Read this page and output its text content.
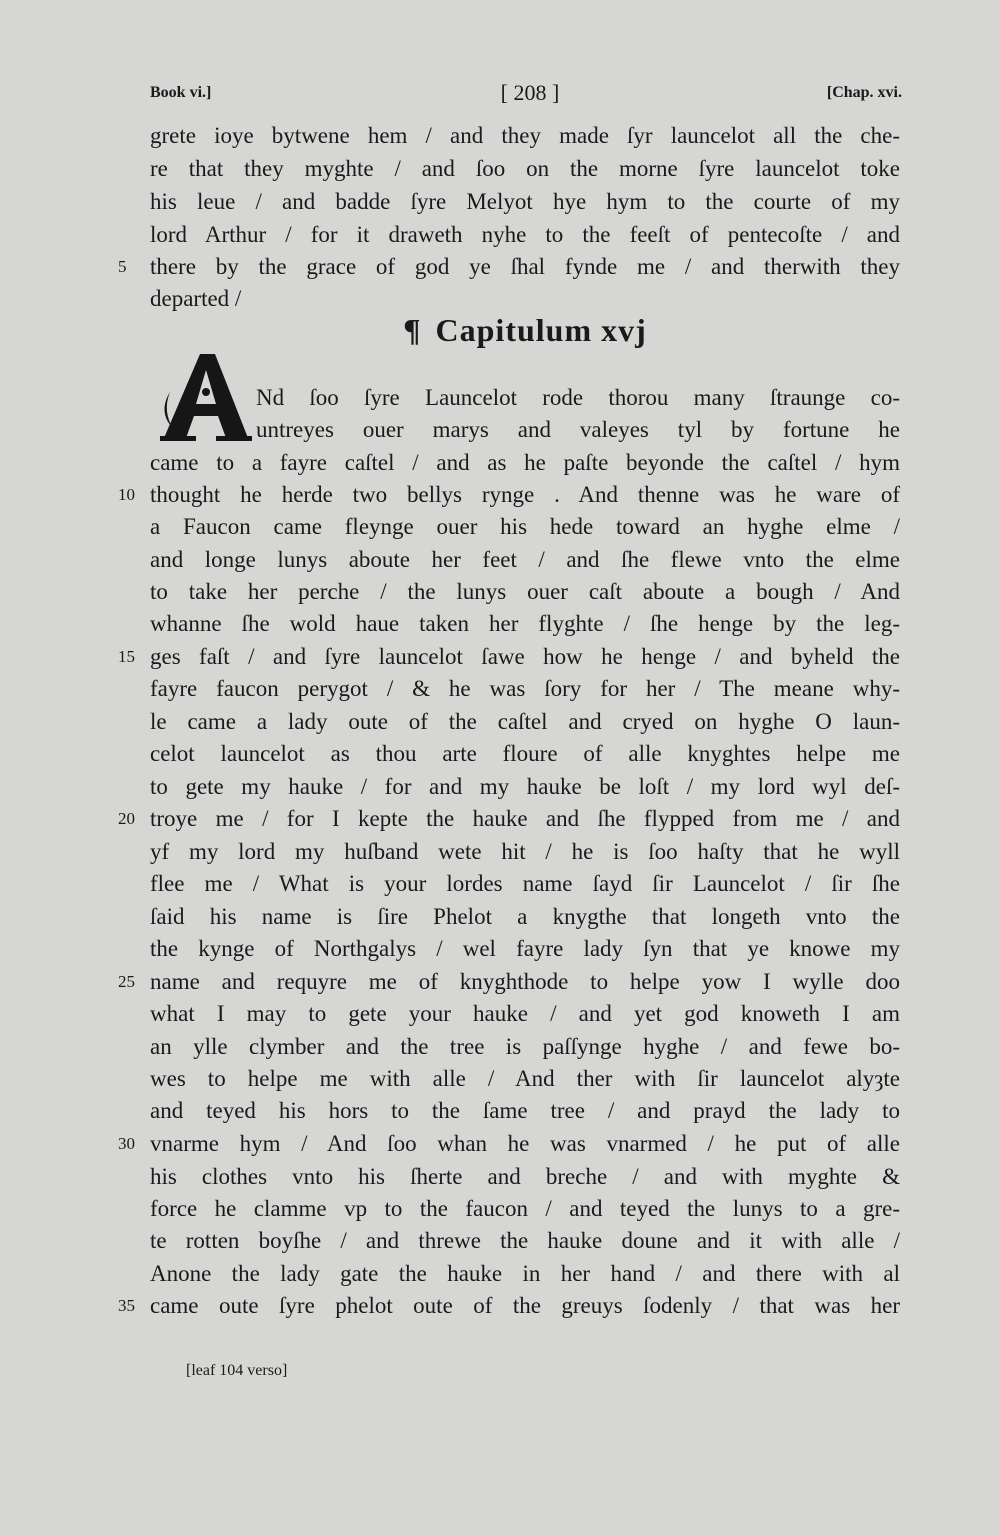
Book vi.]	[ 208 ]	[Chap. xvi.
grete ioye bytwene hem / and they made ſyr launcelot all the che-
re that they myghte / and ſoo on the morne ſyre launcelot toke
his leue / and badde ſyre Melyot hye hym to the courte of my
lord Arthur / for it draweth nyhe to the feeſt of pentecoſte / and
5	there by the grace of god ye ſhal fynde me / and therwith they
departed /
¶ Capitulum xvj
Nd ſoo ſyre Launcelot rode thorou many ſtraunge co-
untreyes ouer marys and valeyes tyl by fortune he
came to a fayre caſtel / and as he paſte beyonde the caſtel / hym
10 thought he herde two bellys rynge . And thenne was he ware of
a Faucon came fleynge ouer his hede toward an hyghe elme /
and longe lunys aboute her feet / and ſhe flewe vnto the elme
to take her perche / the lunys ouer caſt aboute a bough / And
whanne ſhe wold haue taken her flyghte / ſhe henge by the leg-
15 ges faſt / and ſyre launcelot ſawe how he henge / and byheld the
fayre faucon perygot / & he was ſory for her / The meane why-
le came a lady oute of the caſtel and cryed on hyghe O laun-
celot launcelot as thou arte floure of alle knyghtes helpe me
to gete my hauke / for and my hauke be loſt / my lord wyl deſ-
20 troye me / for I kepte the hauke and ſhe flypped from me / and
yf my lord my huſband wete hit / he is ſoo haſty that he wyll
flee me / What is your lordes name ſayd ſir Launcelot / ſir ſhe
ſaid his name is ſire Phelot a knygthe that longeth vnto the
the kynge of Northgalys / wel fayre lady ſyn that ye knowe my
25 name and requyre me of knyghthode to helpe yow I wylle doo
what I may to gete your hauke / and yet god knoweth I am
an ylle clymber and the tree is paſſynge hyghe / and fewe bo-
wes to helpe me with alle / And ther with ſir launcelot alyȝte
and teyed his hors to the ſame tree / and prayd the lady to
30 vnarme hym / And ſoo whan he was vnarmed / he put of alle
his clothes vnto his ſherte and breche / and with myghte &
force he clamme vp to the faucon / and teyed the lunys to a gre-
te rotten boyſhe / and threwe the hauke doune and it with alle /
Anone the lady gate the hauke in her hand / and there with al
35 came oute ſyre phelot oute of the greuys ſodenly / that was her
[leaf 104 verso]
